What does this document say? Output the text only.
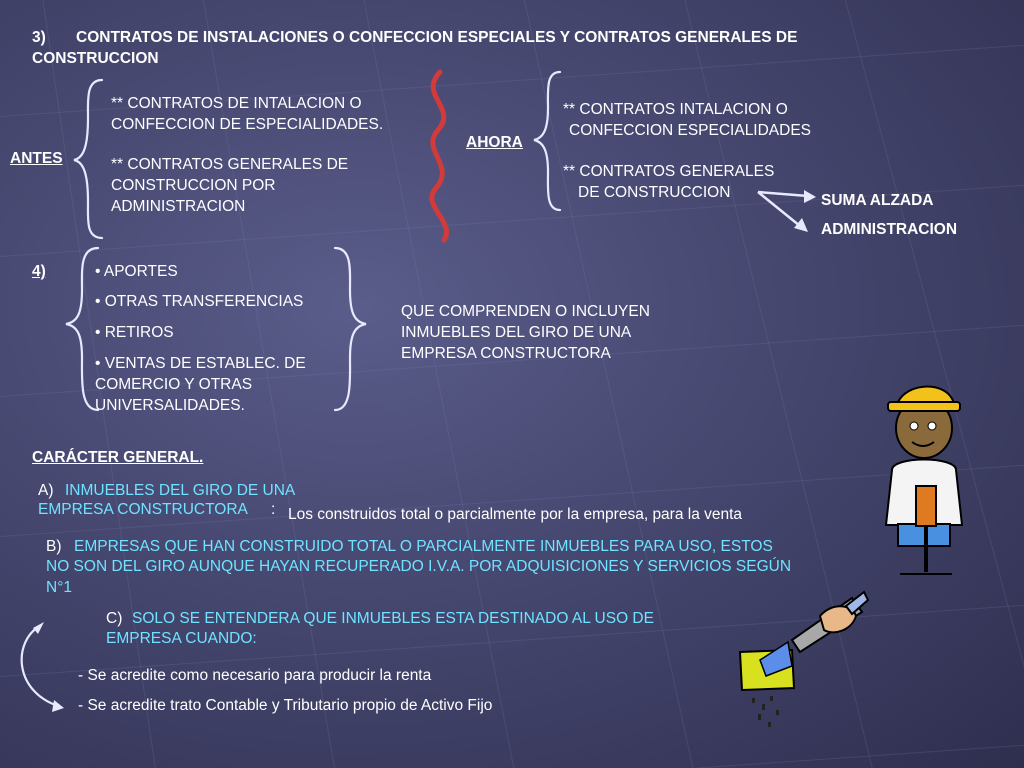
3) CONTRATOS DE INSTALACIONES O CONFECCION ESPECIALES Y CONTRATOS GENERALES DE
CONSTRUCCION
ANTES
** CONTRATOS DE INTALACION O
CONFECCION DE ESPECIALIDADES.
** CONTRATOS GENERALES DE
CONSTRUCCION POR
ADMINISTRACION
AHORA
** CONTRATOS INTALACION O
CONFECCION ESPECIALIDADES
** CONTRATOS GENERALES
DE CONSTRUCCION	SUMA ALZADA
ADMINISTRACION
4)	• APORTES
• OTRAS TRANSFERENCIAS
• RETIROS
• VENTAS DE ESTABLEC. DE
COMERCIO Y OTRAS
UNIVERSALIDADES.
QUE COMPRENDEN O INCLUYEN
INMUEBLES DEL GIRO DE UNA
EMPRESA CONSTRUCTORA
CARÁCTER GENERAL.
A) INMUEBLES DEL GIRO DE UNA
EMPRESA CONSTRUCTORA : Los construidos total o parcialmente por la empresa, para la venta
B) EMPRESAS QUE HAN CONSTRUIDO TOTAL O PARCIALMENTE INMUEBLES PARA USO, ESTOS
NO SON DEL GIRO AUNQUE HAYAN RECUPERADO I.V.A. POR ADQUISICIONES Y SERVICIOS SEGÚN
N°1
C) SOLO SE ENTENDERA QUE INMUEBLES ESTA DESTINADO AL USO DE
EMPRESA CUANDO:
- Se acredite como necesario para producir la renta
- Se acredite trato Contable y Tributario propio de Activo Fijo
